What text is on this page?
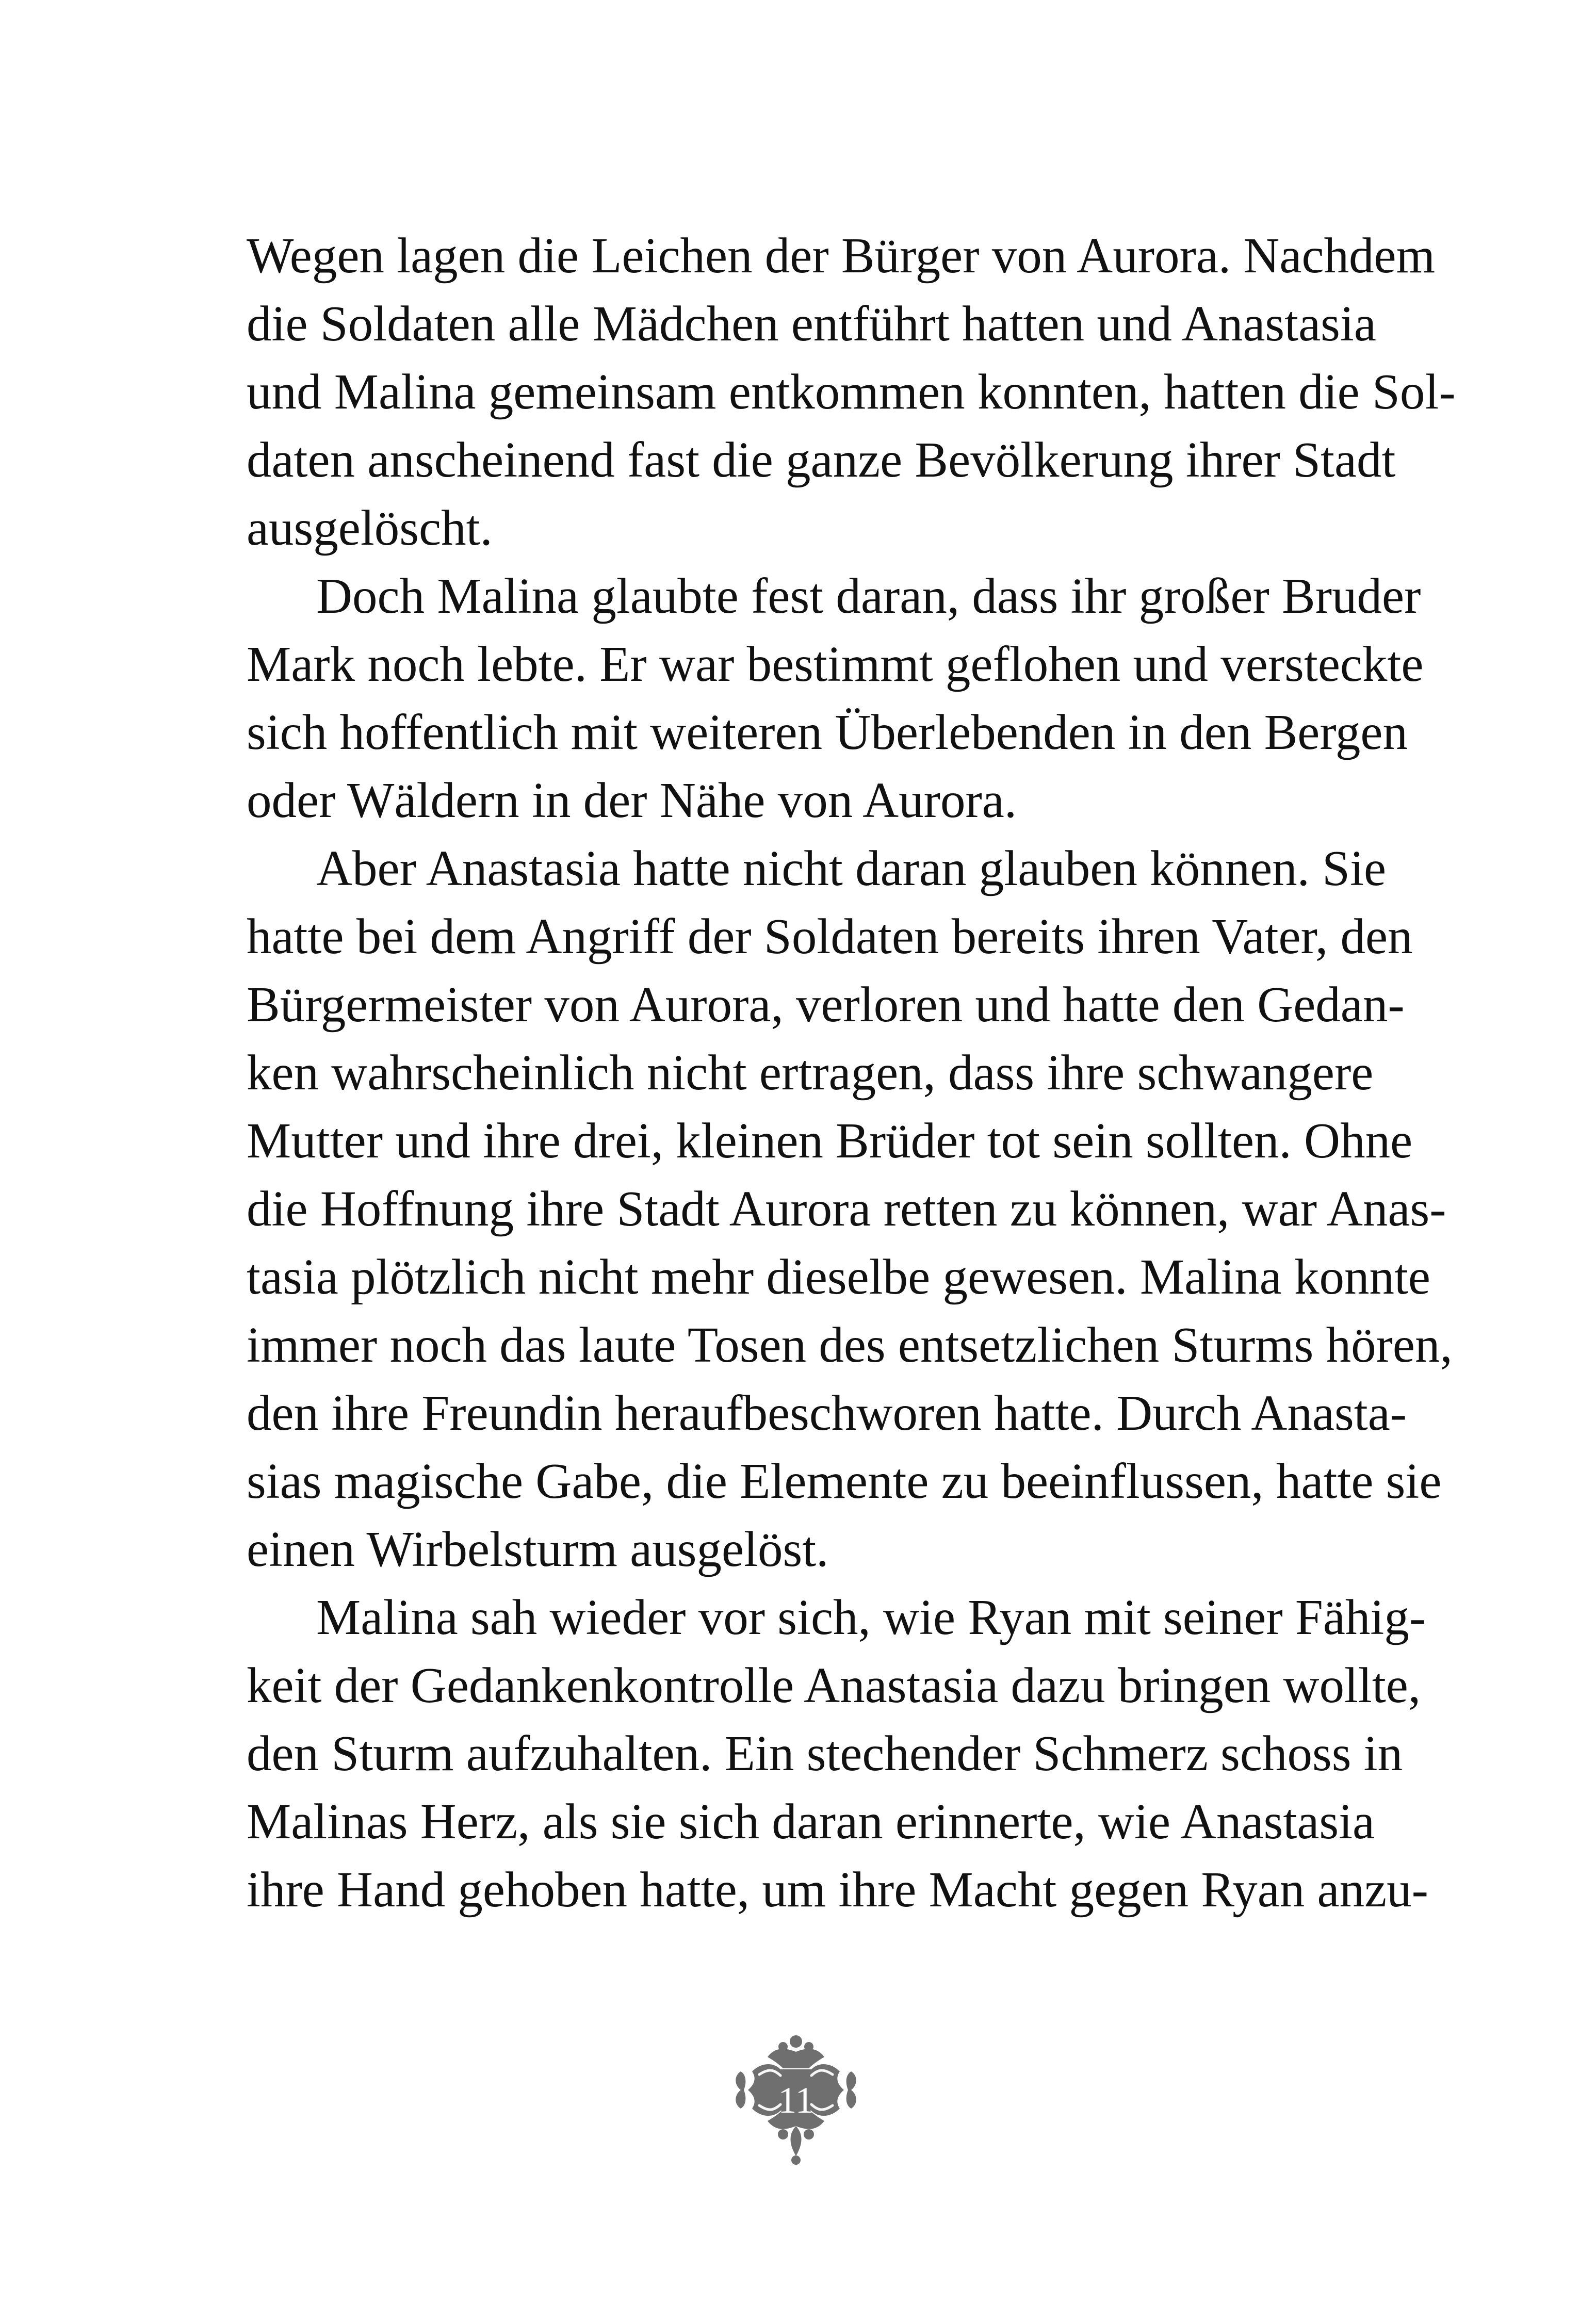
Wegen lagen die Leichen der Bürger von Aurora. Nachdem
die Soldaten alle Mädchen entführt hatten und Anastasia
und Malina gemeinsam entkommen konnten, hatten die Sol-
daten anscheinend fast die ganze Bevölkerung ihrer Stadt
ausgelöscht.
Doch Malina glaubte fest daran, dass ihr großer Bruder
Mark noch lebte. Er war bestimmt geflohen und versteckte
sich hoffentlich mit weiteren Überlebenden in den Bergen
oder Wäldern in der Nähe von Aurora.
Aber Anastasia hatte nicht daran glauben können. Sie
hatte bei dem Angriff der Soldaten bereits ihren Vater, den
Bürgermeister von Aurora, verloren und hatte den Gedan-
ken wahrscheinlich nicht ertragen, dass ihre schwangere
Mutter und ihre drei, kleinen Brüder tot sein sollten. Ohne
die Hoffnung ihre Stadt Aurora retten zu können, war Anas-
tasia plötzlich nicht mehr dieselbe gewesen. Malina konnte
immer noch das laute Tosen des entsetzlichen Sturms hören,
den ihre Freundin heraufbeschworen hatte. Durch Anasta-
sias magische Gabe, die Elemente zu beeinflussen, hatte sie
einen Wirbelsturm ausgelöst.
Malina sah wieder vor sich, wie Ryan mit seiner Fähig-
keit der Gedankenkontrolle Anastasia dazu bringen wollte,
den Sturm aufzuhalten. Ein stechender Schmerz schoss in
Malinas Herz, als sie sich daran erinnerte, wie Anastasia
ihre Hand gehoben hatte, um ihre Macht gegen Ryan anzu-
11
